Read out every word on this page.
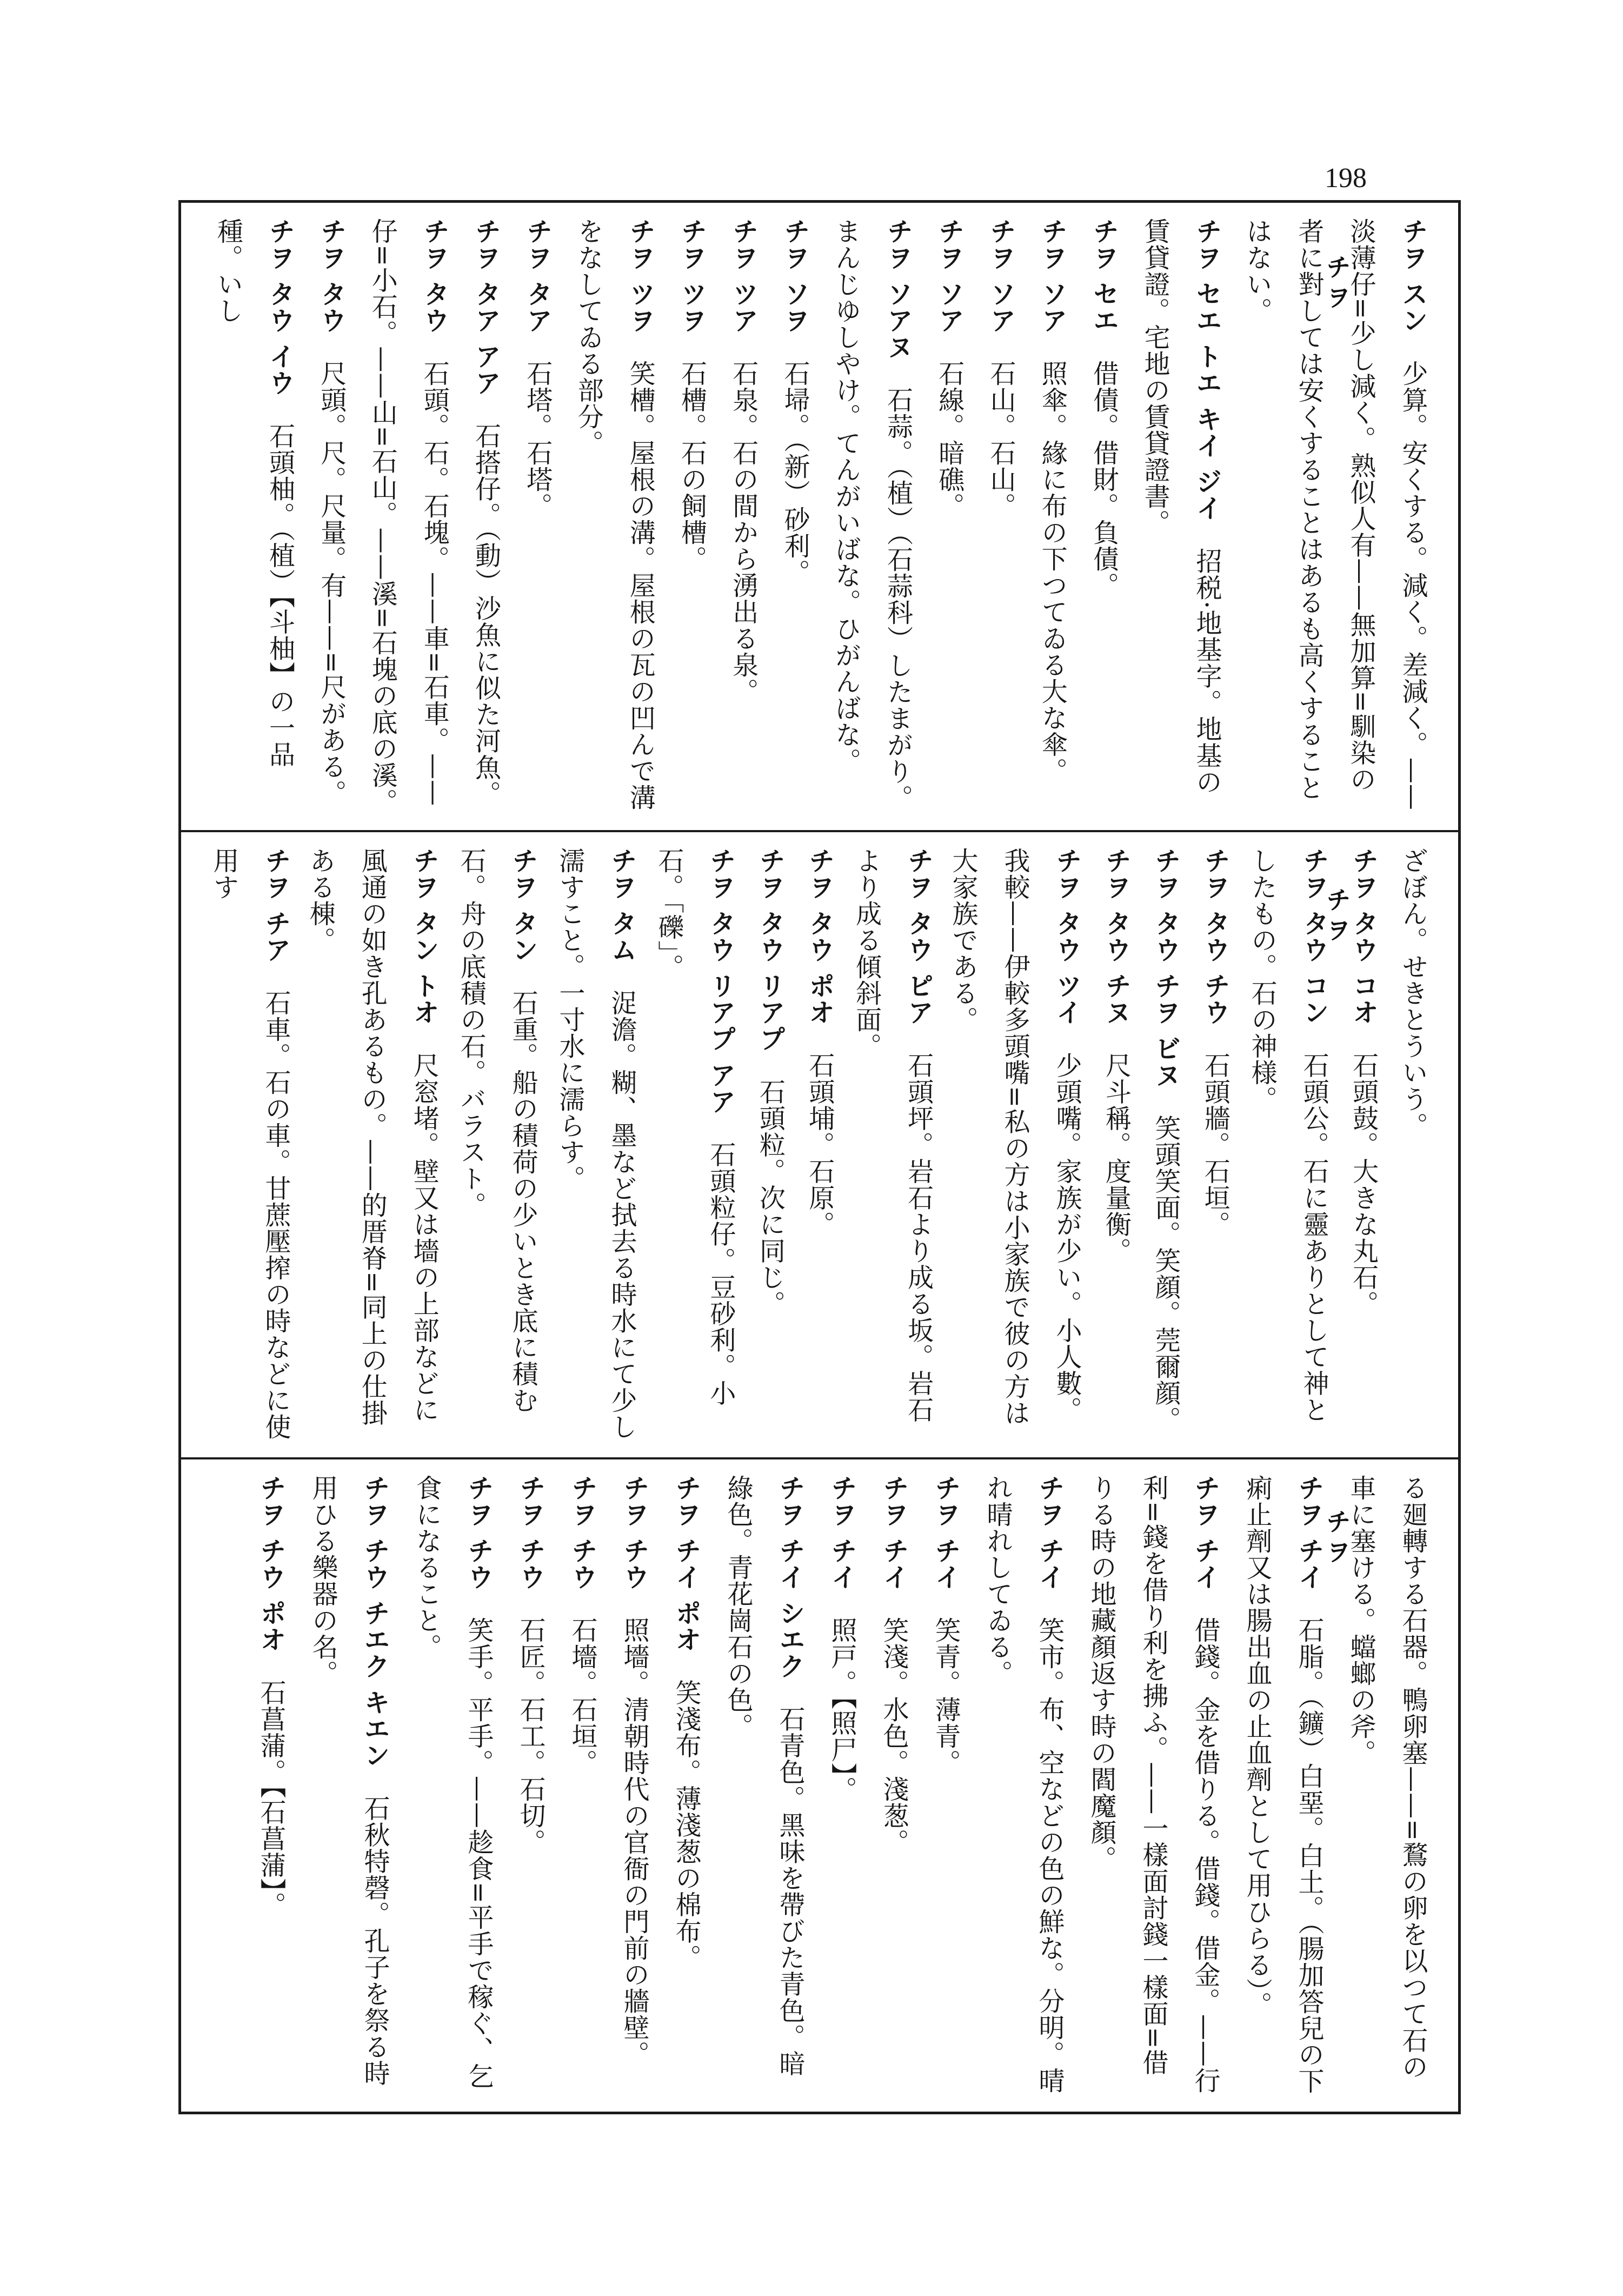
198
チヲ
チヲ
チヲ
チヲ スン　少算。安くする。減く。差減く。——淡薄仔=少し減く。熟似人有——無加算=馴染の者に對しては安くすることはあるも高くすることはない。
チヲ セエ トエ キイ ジイ　招税·地基字。地基の賃貸證。宅地の賃貸證書。
チヲ セエ　借債。借財。負債。
チヲ ソア　照傘。緣に布の下つてゐる大な傘。
チヲ ソア　石山。石山。
チヲ ソア　石線。暗礁。
チヲ ソアヌ　石蒜。（植）（石蒜科）したまがり。まんじゆしやけ。てんがいばな。ひがんばな。
チヲ ソヲ　石埽。（新）砂利。
チヲ ツア　石泉。石の間から湧出る泉。
チヲ ツヲ　石槽。石の飼槽。
チヲ ツヲ　笑槽。屋根の溝。屋根の瓦の凹んで溝をなしてゐる部分。
チヲ タア　石塔。石塔。
チヲ タア アア　石搭仔。（動）沙魚に似た河魚。
チヲ タウ　石頭。石。石塊。——車=石車。——仔=小石。——山=石山。——溪=石塊の底の溪。
チヲ タウ　尺頭。尺。尺量。有——=尺がある。
チヲ タウ イウ　石頭柚。（植）【斗柚】の一品種。いし
ざぼん。せきとういう。
チヲ タウ コオ　石頭鼓。大きな丸石。
チヲ タウ コン　石頭公。石に靈ありとして神としたもの。石の神様。
チヲ タウ チウ　石頭牆。石垣。
チヲ タウ チヲ ビヌ　笑頭笑面。笑顔。莞爾顔。
チヲ タウ チヌ　尺斗稱。度量衡。
チヲ タウ ツイ　少頭嘴。家族が少い。小人數。我較——伊較多頭嘴=私の方は小家族で彼の方は大家族である。
チヲ タウ ピア　石頭坪。岩石より成る坂。岩石より成る傾斜面。
チヲ タウ ポオ　石頭埔。石原。
チヲ タウ リアプ　石頭粒。次に同じ。
チヲ タウ リアプ アア　石頭粒仔。豆砂利。小石。「礫」。
チヲ タム　浞澹。糊、墨など拭去る時水にて少し濡すこと。一寸水に濡らす。
チヲ タン　石重。船の積荷の少いとき底に積む石。舟の底積の石。バラスト。
チヲ タン トオ　尺窓堵。壁又は墻の上部などに風通の如き孔あるもの。——的厝脊=同上の仕掛ある棟。
チヲ チア　石車。石の車。甘蔗壓搾の時などに使用す
る廻轉する石器。鴨卵塞——=鶩の卵を以つて石の車に塞ける。蟷螂の斧。
チヲ チイ　石脂。（鑛）白堊。白土。（腸加答兒の下痢止劑又は腸出血の止血劑として用ひらる）。
チヲ チイ　借錢。金を借りる。借錢。借金。——行利=錢を借り利を拂ふ。——一樣面討錢一樣面=借りる時の地藏顏返す時の閻魔顏。
チヲ チイ　笑市。布、空などの色の鮮な。分明。晴れ晴れしてゐる。
チヲ チイ　笑青。薄青。
チヲ チイ　笑淺。水色。淺葱。
チヲ チイ　照戸。【照尸】。
チヲ チイ シエク　石青色。黑味を帶びた青色。暗綠色。青花崗石の色。
チヲ チイ ポオ　笑淺布。薄淺葱の棉布。
チヲ チウ　照墻。清朝時代の官衙の門前の牆壁。
チヲ チウ　石墻。石垣。
チヲ チウ　石匠。石工。石切。
チヲ チウ　笑手。平手。——趁食=平手で稼ぐ、乞食になること。
チヲ チウ チエク キエン　石秋特磬。孔子を祭る時用ひる樂器の名。
チヲ チウ ポオ　石菖蒲。【石菖蒲】。
